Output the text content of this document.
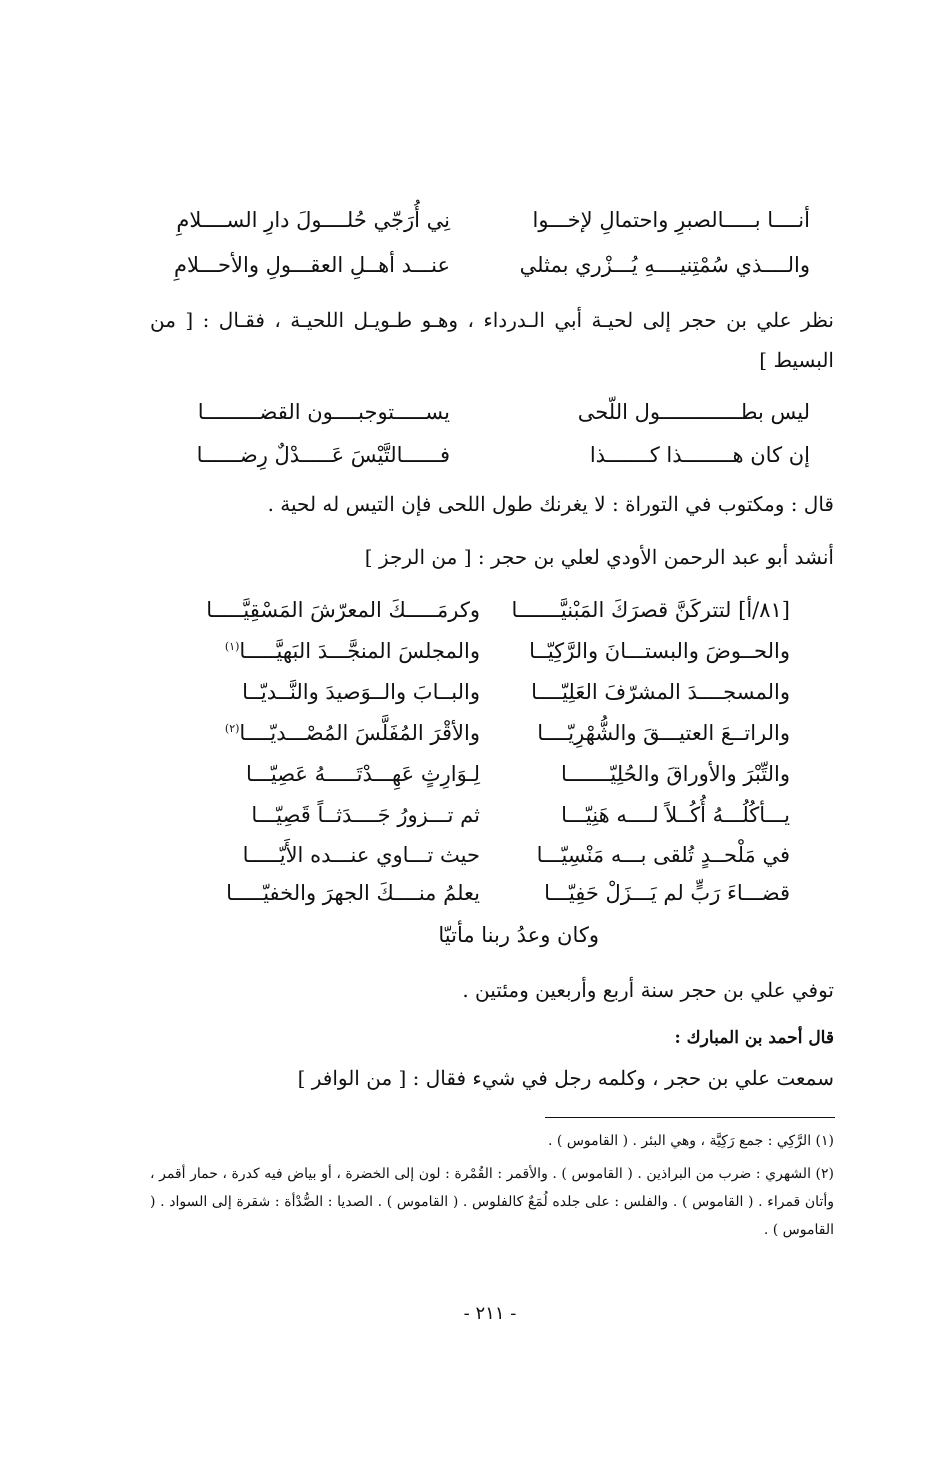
أنــــا بـــــالصبرِ واحتمالِ لإخـــوا
نِي أُرَجّي حُلــــولَ دارِ الســــلامِ
والــــذي سُمْتِنيــــهِ يُـــزْري بمثلي
عنـــد أهــلِ العقـــولِ والأحـــلامِ
نظر علي بن حجر إلى لحيـة أبي الـدرداء ، وهـو طـويـل اللحيـة ، فقـال : [ من البسيط ]
ليس بطـــــــــــــول اللّحى
يســـــتوجبــــون القضـــــــــا
إن كان هــــــــذا كـــــــذا
فــــــالتَّيْسَ عَـــــدْلٌ رِضــــــا
قال : ومكتوب في التوراة : لا يغرنك طول اللحى فإن التيس له لحية .
أنشد أبو عبد الرحمن الأودي لعلي بن حجر : [ من الرجز ]
[٨١/أ] لتتركَنَّ قصرَكَ المَبْنيَّـــــــا
وكرمَـــــكَ المعرّشَ المَسْقِيَّـــــا
والحــوضَ والبستـــانَ والرَّكِيّــا
والمجلسَ المنجَّـــدَ البَهيَّـــــا$^{(١)}$
والمسجــــدَ المشرّفَ العَلِيّــــا
والبــابَ والــوَصيدَ والنَّــديّــا
والراتــعَ العتيـــقَ والشُّهْرِيّــــا
والأقْرَ المُفَلَّسَ المُصْـــديّــــا$^{(٢)}$
والتِّبْرَ والأوراقَ والحُلِيّـــــــا
لِـوَارِثٍ عَهِـــدْتَـــــهُ عَصِيّـــا
يـــأكُلُـــهُ أُكُــلاً لــــه هَنِيّـــا
ثم تـــزورُ جَــــدَثــاً قَصِيّـــا
في مَلْحــدٍ تُلقى بـــه مَنْسِيّـــا
حيث تـــاوي عنـــده الأَيّـــــا
قضـــاءَ رَبٍّ لم يَـــزَلْ حَفِيّـــا
يعلمُ منــــكَ الجهرَ والخفيّـــــا
وكان وعدُ ربنا مأتيّا
توفي علي بن حجر سنة أربع وأربعين ومئتين .
قال أحمد بن المبارك :
سمعت علي بن حجر ، وكلمه رجل في شيء فقال : [ من الوافر ]
(١) الرَّكِي : جمع رَكِيَّة ، وهي البئر . ( القاموس ) .
(٢) الشهري : ضرب من البراذين . ( القاموس ) . والأقمر : القُمْرة : لون إلى الخضرة ، أو بياض فيه كدرة ، حمار أقمر ، وأتان قمراء . ( القاموس ) . والفلس : على جلده لُمَعٌ كالفلوس . ( القاموس ) . الصديا : الصُّدْأة : شقرة إلى السواد . ( القاموس ) .
- ٢١١ -
